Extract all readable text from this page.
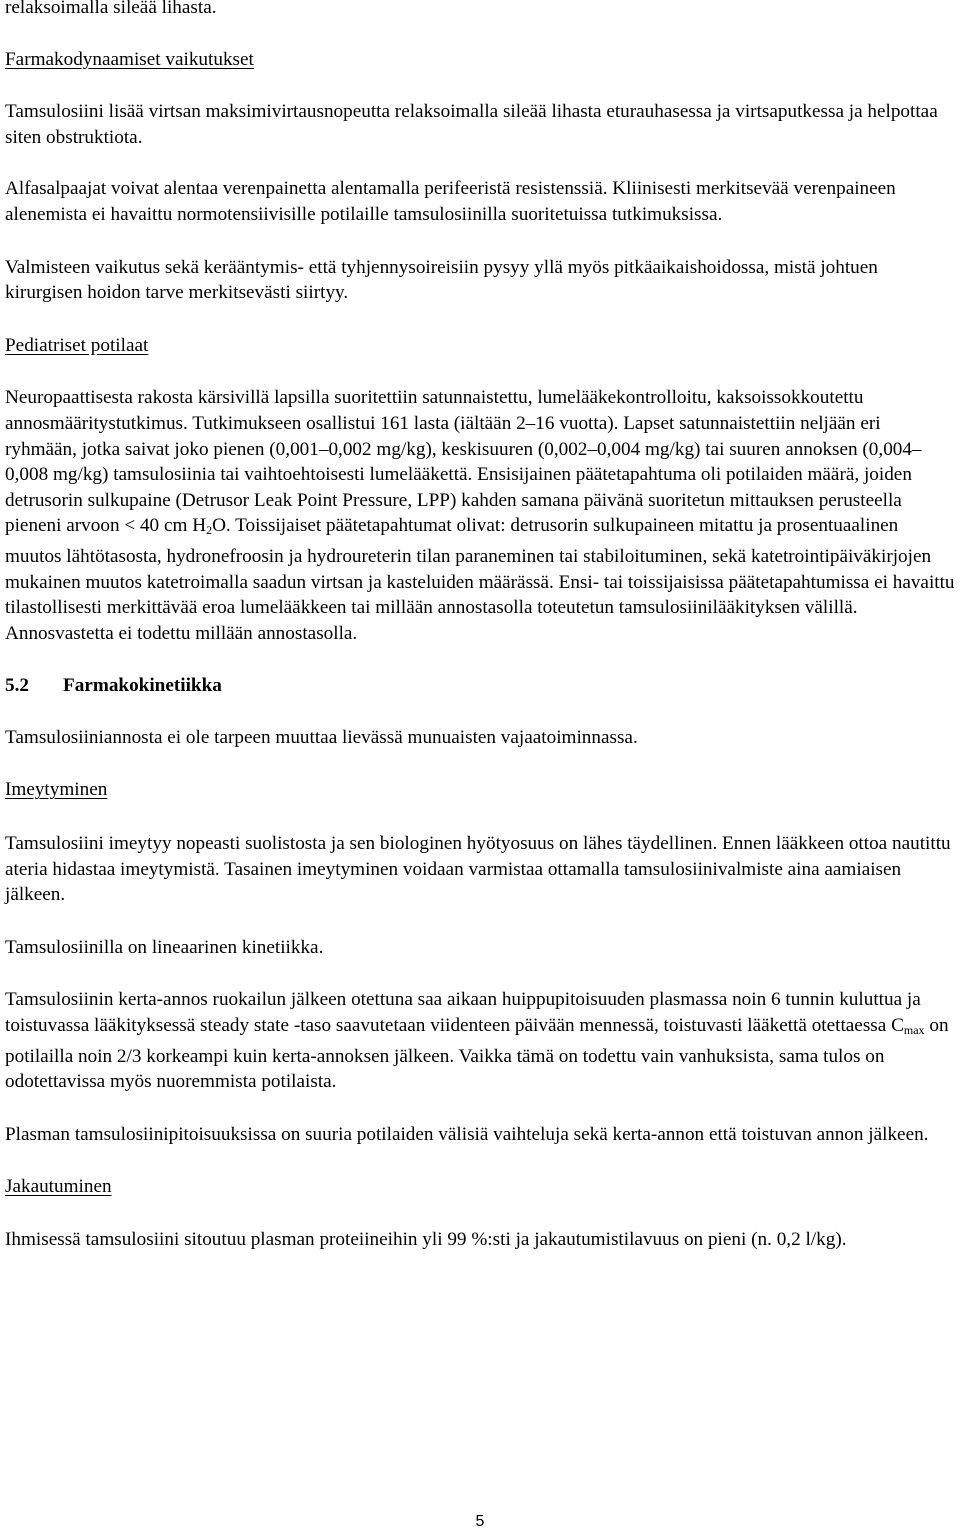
relaksoimalla sileää lihasta.

Farmakodynaamiset vaikutukset

Tamsulosiini lisää virtsan maksimivirtausnopeutta relaksoimalla sileää lihasta eturauhasessa ja virtsaputkessa ja helpottaa siten obstruktiota.

Alfasalpaajat voivat alentaa verenpainetta alentamalla perifeeristä resistenssiä. Kliinisesti merkitsevää verenpaineen alenemista ei havaittu normotensiivisille potilaille tamsulosiinilla suoritetuissa tutkimuksissa.

Valmisteen vaikutus sekä kerääntymis- että tyhjennysoireisiin pysyy yllä myös pitkäaikaishoidossa, mistä johtuen kirurgisen hoidon tarve merkitsevästi siirtyy.

Pediatriset potilaat

Neuropaattisesta rakosta kärsivillä lapsilla suoritettiin satunnaistettu, lumelääkekontrolloitu, kaksoissokkoutettu annosmääritystutkimus. Tutkimukseen osallistui 161 lasta (iältään 2–16 vuotta). Lapset satunnaistettiin neljään eri ryhmään, jotka saivat joko pienen (0,001–0,002 mg/kg), keskisuuren (0,002–0,004 mg/kg) tai suuren annoksen (0,004–0,008 mg/kg) tamsulosiinia tai vaihtoehtoisesti lumelääkettä. Ensisijainen päätetapahtuma oli potilaiden määrä, joiden detrusorin sulkupaine (Detrusor Leak Point Pressure, LPP) kahden samana päivänä suoritetun mittauksen perusteella pieneni arvoon < 40 cm $H_2O$. Toissijaiset päätetapahtumat olivat: detrusorin sulkupaineen mitattu ja prosentuaalinen muutos lähtötasosta, hydronefroosin ja hydroureterin tilan paraneminen tai stabiloituminen, sekä katetrointipäiväkirjojen mukainen muutos katetroimalla saadun virtsan ja kasteluiden määrässä. Ensi- tai toissijaisissa päätetapahtumissa ei havaittu tilastollisesti merkittävää eroa lumelääkkeen tai millään annostasolla toteutetun tamsulosiinilääkityksen välillä. Annosvastetta ei todettu millään annostasolla.

5.2 Farmakokinetiikka

Tamsulosiiniannosta ei ole tarpeen muuttaa lievässä munuaisten vajaatoiminnassa.

Imeytyminen

Tamsulosiini imeytyy nopeasti suolistosta ja sen biologinen hyötyosuus on lähes täydellinen. Ennen lääkkeen ottoa nautittu ateria hidastaa imeytymistä. Tasainen imeytyminen voidaan varmistaa ottamalla tamsulosiinivalmiste aina aamiaisen jälkeen.

Tamsulosiinilla on lineaarinen kinetiikka.

Tamsulosiinin kerta-annos ruokailun jälkeen otettuna saa aikaan huippupitoisuuden plasmassa noin 6 tunnin kuluttua ja toistuvassa lääkityksessä steady state -taso saavutetaan viidenteen päivään mennessä, toistuvasti lääkettä otettaessa $C_{max}$ on potilailla noin 2/3 korkeampi kuin kerta-annoksen jälkeen. Vaikka tämä on todettu vain vanhuksista, sama tulos on odotettavissa myös nuoremmista potilaista.

Plasman tamsulosiinipitoisuuksissa on suuria potilaiden välisiä vaihteluja sekä kerta-annon että toistuvan annon jälkeen.

Jakautuminen

Ihmisessä tamsulosiini sitoutuu plasman proteiineihin yli 99 %:sti ja jakautumistilavuus on pieni (n. 0,2 l/kg).

5
